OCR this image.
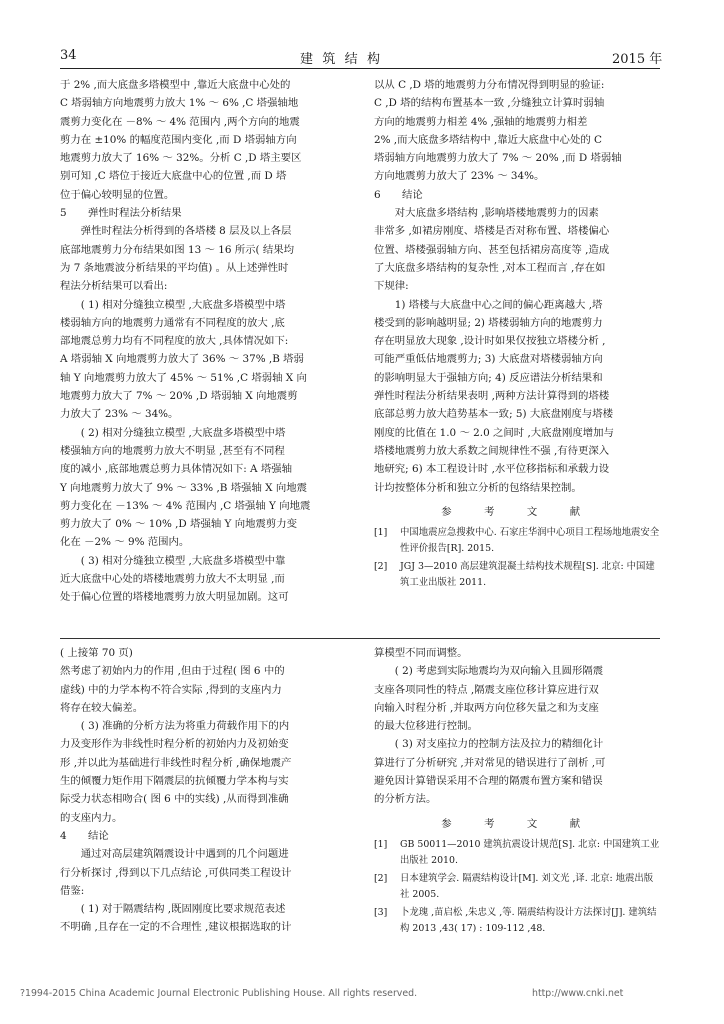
34	建 筑 结 构	2015 年

于 2% ,而大底盘多塔模型中 ,靠近大底盘中心处的

C 塔弱轴方向地震剪力放大 1% ～ 6% ,C 塔强轴地

震剪力变化在 －8% ～ 4% 范围内 ,两个方向的地震

剪力在 ±10% 的幅度范围内变化 ,而 D 塔弱轴方向

地震剪力放大了 16% ～ 32%。分析 C ,D 塔主要区

别可知 ,C 塔位于接近大底盘中心的位置 ,而 D 塔

位于偏心较明显的位置。

5	弹性时程法分析结果

弹性时程法分析得到的各塔楼 8 层及以上各层

底部地震剪力分布结果如图 13 ～ 16 所示( 结果均

为 7 条地震波分析结果的平均值) 。从上述弹性时

程法分析结果可以看出:

( 1) 相对分缝独立模型 ,大底盘多塔模型中塔

楼弱轴方向的地震剪力通常有不同程度的放大 ,底

部地震总剪力均有不同程度的放大 ,具体情况如下:

A 塔弱轴 X 向地震剪力放大了 36% ～ 37% ,B 塔弱

轴 Y 向地震剪力放大了 45% ～ 51% ,C 塔弱轴 X 向

地震剪力放大了 7% ～ 20% ,D 塔弱轴 X 向地震剪

力放大了 23% ～ 34%。

( 2) 相对分缝独立模型 ,大底盘多塔模型中塔

楼强轴方向的地震剪力放大不明显 ,甚至有不同程

度的减小 ,底部地震总剪力具体情况如下: A 塔强轴

Y 向地震剪力放大了 9% ～ 33% ,B 塔强轴 X 向地震

剪力变化在 －13% ～ 4% 范围内 ,C 塔强轴 Y 向地震

剪力放大了 0% ～ 10% ,D 塔强轴 Y 向地震剪力变

化在 －2% ～ 9% 范围内。

( 3) 相对分缝独立模型 ,大底盘多塔模型中靠

近大底盘中心处的塔楼地震剪力放大不太明显 ,而

处于偏心位置的塔楼地震剪力放大明显加剧。这可

以从 C ,D 塔的地震剪力分布情况得到明显的验证:

C ,D 塔的结构布置基本一致 ,分缝独立计算时弱轴

方向的地震剪力相差 4% ,强轴的地震剪力相差

2% ,而大底盘多塔结构中 ,靠近大底盘中心处的 C

塔弱轴方向地震剪力放大了 7% ～ 20% ,而 D 塔弱轴

方向地震剪力放大了 23% ～ 34%。

6	结论

对大底盘多塔结构 ,影响塔楼地震剪力的因素

非常多 ,如裙房刚度、塔楼是否对称布置、塔楼偏心

位置、塔楼强弱轴方向、甚至包括裙房高度等 ,造成

了大底盘多塔结构的复杂性 ,对本工程而言 ,存在如

下规律:

1) 塔楼与大底盘中心之间的偏心距离越大 ,塔

楼受到的影响越明显; 2) 塔楼弱轴方向的地震剪力

存在明显放大现象 ,设计时如果仅按独立塔楼分析 ,

可能严重低估地震剪力; 3) 大底盘对塔楼弱轴方向

的影响明显大于强轴方向; 4) 反应谱法分析结果和

弹性时程法分析结果表明 ,两种方法计算得到的塔楼

底部总剪力放大趋势基本一致; 5) 大底盘刚度与塔楼

刚度的比值在 1.0 ～ 2.0 之间时 ,大底盘刚度增加与

塔楼地震剪力放大系数之间规律性不强 ,有待更深入

地研究; 6) 本工程设计时 ,水平位移指标和承载力设

计均按整体分析和独立分析的包络结果控制。

参 考 文 献

[1]	中国地震应急搜救中心. 石家庄华润中心项目工程场地地震安全性评价报告[R]. 2015.
[2]	JGJ 3—2010 高层建筑混凝土结构技术规程[S]. 北京: 中国建筑工业出版社 2011.

( 上接第 70 页)

然考虑了初始内力的作用 ,但由于过程( 图 6 中的

虚线) 中的力学本构不符合实际 ,得到的支座内力

将存在较大偏差。

( 3) 准确的分析方法为将重力荷载作用下的内

力及变形作为非线性时程分析的初始内力及初始变

形 ,并以此为基础进行非线性时程分析 ,确保地震产

生的倾覆力矩作用下隔震层的抗倾覆力学本构与实

际受力状态相吻合( 图 6 中的实线) ,从而得到准确

的支座内力。

4	结论

通过对高层建筑隔震设计中遇到的几个问题进

行分析探讨 ,得到以下几点结论 ,可供同类工程设计

借鉴:

( 1) 对于隔震结构 ,既固刚度比要求规范表述

不明确 ,且存在一定的不合理性 ,建议根据选取的计

算模型不同而调整。

( 2) 考虑到实际地震均为双向输入且圆形隔震

支座各项同性的特点 ,隔震支座位移计算应进行双

向输入时程分析 ,并取两方向位移矢量之和为支座

的最大位移进行控制。

( 3) 对支座拉力的控制方法及拉力的精细化计

算进行了分析研究 ,并对常见的错误进行了剖析 ,可

避免因计算错误采用不合理的隔震布置方案和错误

的分析方法。

参 考 文 献

[1]	GB 50011—2010 建筑抗震设计规范[S]. 北京: 中国建筑工业出版社 2010.
[2]	日本建筑学会. 隔震结构设计[M]. 刘文光 ,译. 北京: 地震出版社 2005.
[3]	卜龙瑰 ,苗启松 ,朱忠义 ,等. 隔震结构设计方法探讨[J]. 建筑结构 2013 ,43( 17) : 109-112 ,48.
?1994-2015 China Academic Journal Electronic Publishing House. All rights reserved.	http://www.cnki.net
